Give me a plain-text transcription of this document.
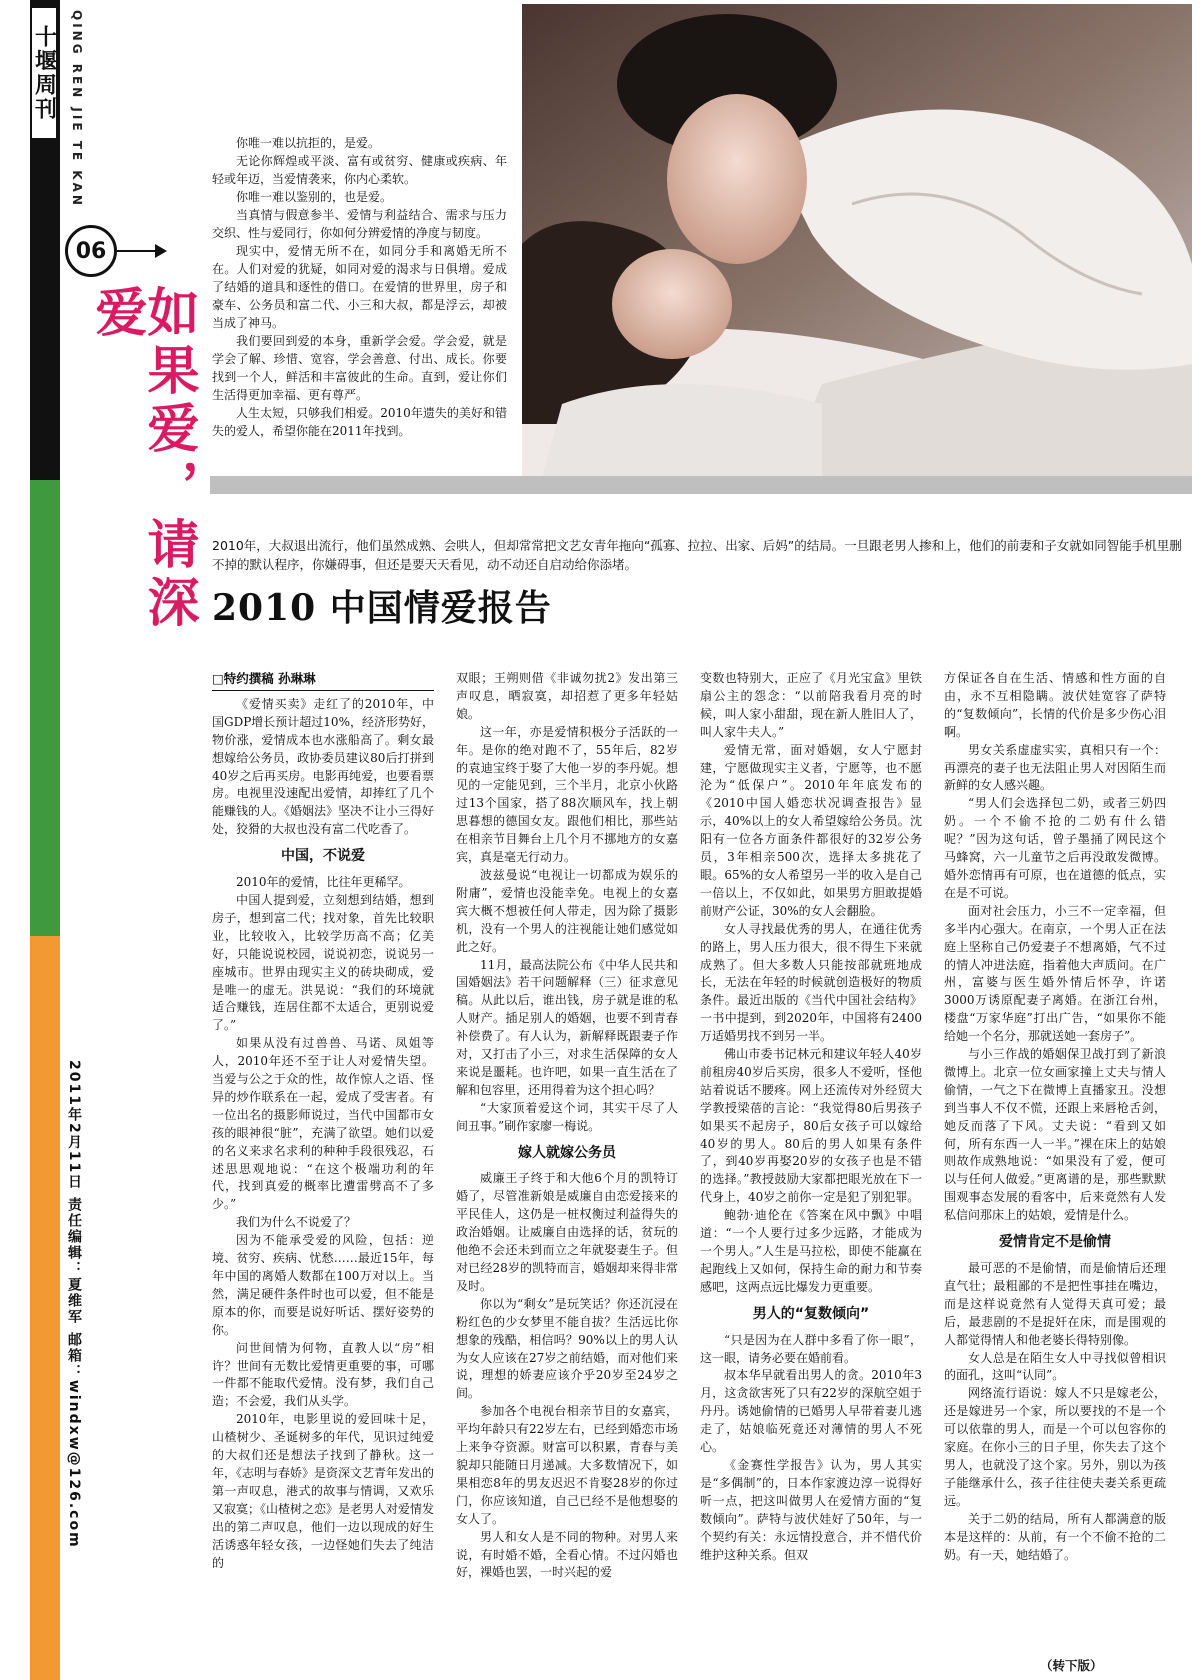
2011年2月11日 责任编辑：夏维军 邮箱：windxw@126.com
十堰周刊 QING REN JIE TE KAN
06
如果爱，请深爱

你唯一难以抗拒的，是爱。

无论你辉煌或平淡、富有或贫穷、健康或疾病、年轻或年迈，当爱情袭来，你内心柔软。

你唯一难以鉴别的，也是爱。

当真情与假意参半、爱情与利益结合、需求与压力交织、性与爱同行，你如何分辨爱情的净度与韧度。

现实中，爱情无所不在，如同分手和离婚无所不在。人们对爱的犹疑，如同对爱的渴求与日俱增。爱成了结婚的道具和逐性的借口。在爱情的世界里，房子和豪车、公务员和富二代、小三和大叔，都是浮云，却被当成了神马。

我们要回到爱的本身，重新学会爱。学会爱，就是学会了解、珍惜、宽容，学会善意、付出、成长。你要找到一个人，鲜活和丰富彼此的生命。直到，爱让你们生活得更加幸福、更有尊严。

人生太短，只够我们相爱。2010年遗失的美好和错失的爱人，希望你能在2011年找到。

2010年，大叔退出流行，他们虽然成熟、会哄人，但却常常把文艺女青年拖向“孤寡、拉拉、出家、后妈”的结局。一旦跟老男人掺和上，他们的前妻和子女就如同智能手机里删不掉的默认程序，你嫌碍事，但还是要天天看见，动不动还自启动给你添堵。
2010 中国情爱报告
□特约撰稿 孙琳琳

《爱情买卖》走红了的2010年，中国GDP增长预计超过10%，经济形势好，物价涨，爱情成本也水涨船高了。剩女最想嫁给公务员，政协委员建议80后打拼到40岁之后再买房。电影再纯爱，也要看票房。电视里没速配出爱情，却捧红了几个能赚钱的人。《婚姻法》坚决不让小三得好处，狡猾的大叔也没有富二代吃香了。

中国，不说爱

2010年的爱情，比往年更稀罕。

中国人提到爱，立刻想到结婚，想到房子，想到富二代；找对象，首先比较职业，比较收入，比较学历高不高；亿美好，只能说说校园，说说初恋，说说另一座城市。世界由现实主义的砖块砌成，爱是唯一的虚无。洪晃说：“我们的环境就适合赚钱，连居住都不太适合，更别说爱了。”

如果从没有过兽兽、马诺、凤姐等人，2010年还不至于让人对爱情失望。当爱与公之于众的性，故作惊人之语、怪异的炒作联系在一起，爱成了受害者。有一位出名的摄影师说过，当代中国都市女孩的眼神很“脏”，充满了欲望。她们以爱的名义来求名求利的种种手段很残忍，石述思思观地说：“在这个极端功利的年代，找到真爱的概率比遭雷劈高不了多少。”

我们为什么不说爱了？

因为不能承受爱的风险，包括：逆境、贫穷、疾病、忧愁……最近15年，每年中国的离婚人数都在100万对以上。当然，满足硬件条件时也可以爱，但不能是原本的你，而要是说好听话、摆好姿势的你。

问世间情为何物，直教人以“房”相许？世间有无数比爱情更重要的事，可哪一件都不能取代爱情。没有梦，我们自己造；不会爱，我们从头学。

2010年，电影里说的爱回味十足，山楂树少、圣诞树多的年代，见识过纯爱的大叔们还是想法子找到了静秋。这一年，《志明与春娇》是资深文艺青年发出的第一声叹息，港式的故事与情调，又欢乐又寂寞；《山楂树之恋》是老男人对爱情发出的第二声叹息，他们一边以现成的好生活诱惑年轻女孩，一边怪她们失去了纯洁的

双眼；王朔则借《非诚勿扰2》发出第三声叹息，晒寂寞，却招惹了更多年轻姑娘。

这一年，亦是爱情积极分子活跃的一年。是你的绝对跑不了，55年后，82岁的袁迪宝终于娶了大他一岁的李丹妮。想见的一定能见到，三个半月，北京小伙路过13个国家，搭了88次顺风车，找上朝思暮想的德国女友。跟他们相比，那些站在相亲节目舞台上几个月不挪地方的女嘉宾，真是毫无行动力。

波兹曼说“电视让一切都成为娱乐的附庸”，爱情也没能幸免。电视上的女嘉宾大概不想被任何人带走，因为除了摄影机，没有一个男人的注视能让她们感觉如此之好。

11月，最高法院公布《中华人民共和国婚姻法》若干问题解释（三）征求意见稿。从此以后，谁出钱，房子就是谁的私人财产。插足别人的婚姻，也要不到青春补偿费了。有人认为，新解释既跟妻子作对，又打击了小三，对求生活保障的女人来说是噩耗。也许吧，如果一直生活在了解和包容里，还用得着为这个担心吗？

“大家顶着爱这个词，其实干尽了人间丑事。”刷作家廖一梅说。

嫁人就嫁公务员

威廉王子终于和大他6个月的凯特订婚了，尽管准新娘是威廉自由恋爱接来的平民佳人，这仍是一桩权衡过利益得失的政治婚姻。让威廉自由选择的话，贫玩的他绝不会还未到而立之年就娶妻生子。但对已经28岁的凯特而言，婚姻却来得非常及时。

你以为“剩女”是玩笑话？你还沉浸在粉红色的少女梦里不能自拔？生活远比你想象的残酷，相信吗？90%以上的男人认为女人应该在27岁之前结婚，而对他们来说，理想的娇妻应该介乎20岁至24岁之间。

参加各个电视台相亲节目的女嘉宾，平均年龄只有22岁左右，已经到婚恋市场上来争夺资源。财富可以积累，青春与美貌却只能随日月递减。大多数情况下，如果相恋8年的男友迟迟不肯娶28岁的你过门，你应该知道，自己已经不是他想娶的女人了。

男人和女人是不同的物种。对男人来说，有时婚不婚，全看心情。不过闪婚也好，裸婚也罢，一时兴起的爱

变数也特别大，正应了《月光宝盒》里铁扇公主的怨念：“以前陪我看月亮的时候，叫人家小甜甜，现在新人胜旧人了，叫人家牛夫人。”

爱情无常，面对婚姻，女人宁愿封建，宁愿做现实主义者，宁愿等，也不愿沦为“低保户”。2010年年底发布的《2010中国人婚恋状况调查报告》显示，40%以上的女人希望嫁给公务员。沈阳有一位各方面条件都很好的32岁公务员，3年相亲500次，选择太多挑花了眼。65%的女人希望另一半的收入是自己一倍以上，不仅如此，如果男方胆敢提婚前财产公证，30%的女人会翻脸。

女人寻找最优秀的男人，在通往优秀的路上，男人压力很大，很不得生下来就成熟了。但大多数人只能按部就班地成长，无法在年轻的时候就创造极好的物质条件。最近出版的《当代中国社会结构》一书中提到，到2020年，中国将有2400万适婚男找不到另一半。

佛山市委书记林元和建议年轻人40岁前租房40岁后买房，很多人不爱听，怪他站着说话不腰疼。网上还流传对外经贸大学教授梁蓓的言论：“我觉得80后男孩子如果买不起房子，80后女孩子可以嫁给40岁的男人。80后的男人如果有条件了，到40岁再娶20岁的女孩子也是不错的选择。”教授鼓励大家都把眼光放在下一代身上，40岁之前你一定是犯了别犯罪。

鲍勃·迪伦在《答案在风中飘》中唱道：“一个人要行过多少远路，才能成为一个男人。”人生是马拉松，即使不能赢在起跑线上又如何，保持生命的耐力和节奏感吧，这两点远比爆发力更重要。

男人的“复数倾向”

“只是因为在人群中多看了你一眼”，这一眼，请务必要在婚前看。

叔本华早就看出男人的贪。2010年3月，这贪欲害死了只有22岁的深航空姐于丹丹。诱她偷情的已婚男人早带着妻儿逃走了，姑娘临死竟还对薄情的男人不死心。

《金赛性学报告》认为，男人其实是“多偶制”的，日本作家渡边淳一说得好听一点，把这叫做男人在爱情方面的“复数倾向”。萨特与波伏娃好了50年，与一个契约有关：永远情投意合，并不惜代价维护这种关系。但双

方保证各自在生活、情感和性方面的自由，永不互相隐瞒。波伏娃宽容了萨特的“复数倾向”，长情的代价是多少伤心泪啊。

男女关系虚虚实实，真相只有一个：再漂亮的妻子也无法阻止男人对因陌生而新鲜的女人感兴趣。

“男人们会选择包二奶，或者三奶四奶。一个不偷不抢的二奶有什么错呢？”因为这句话，曾子墨捅了网民这个马蜂窝，六一儿童节之后再没敢发微博。婚外恋情再有可原，也在道德的低点，实在是不可说。

面对社会压力，小三不一定幸福，但多半内心强大。在南京，一个男人正在法庭上坚称自己仍爱妻子不想离婚，气不过的情人冲进法庭，指着他大声质问。在广州，富婆与医生婚外情后怀孕，许诺3000万诱原配妻子离婚。在浙江台州，楼盘“万家华庭”打出广告，“如果你不能给她一个名分，那就送她一套房子”。

与小三作战的婚姻保卫战打到了新浪微博上。北京一位女画家撞上丈夫与情人偷情，一气之下在微博上直播家丑。没想到当事人不仅不慌，还跟上来唇枪舌剑，她反而落了下风。丈夫说：“看到又如何，所有东西一人一半。”裸在床上的姑娘则故作成熟地说：“如果没有了爱，便可以与任何人做爱。”更离谱的是，那些默默围观事态发展的看客中，后来竟然有人发私信问那床上的姑娘，爱情是什么。

爱情肯定不是偷情

最可恶的不是偷情，而是偷情后还理直气壮；最粗鄙的不是把性事挂在嘴边，而是这样说竟然有人觉得天真可爱；最后，最悲剧的不是捉奸在床，而是围观的人都觉得情人和他老婆长得特别像。

女人总是在陌生女人中寻找似曾相识的面孔，这叫“认同”。

网络流行语说：嫁人不只是嫁老公，还是嫁进另一个家，所以要找的不是一个可以依靠的男人，而是一个可以包容你的家庭。在你小三的日子里，你失去了这个男人，也就没了这个家。另外，别以为孩子能继承什么，孩子往往使夫妻关系更疏远。

关于二奶的结局，所有人都满意的版本是这样的：从前，有一个不偷不抢的二奶。有一天，她结婚了。

（转下版）
